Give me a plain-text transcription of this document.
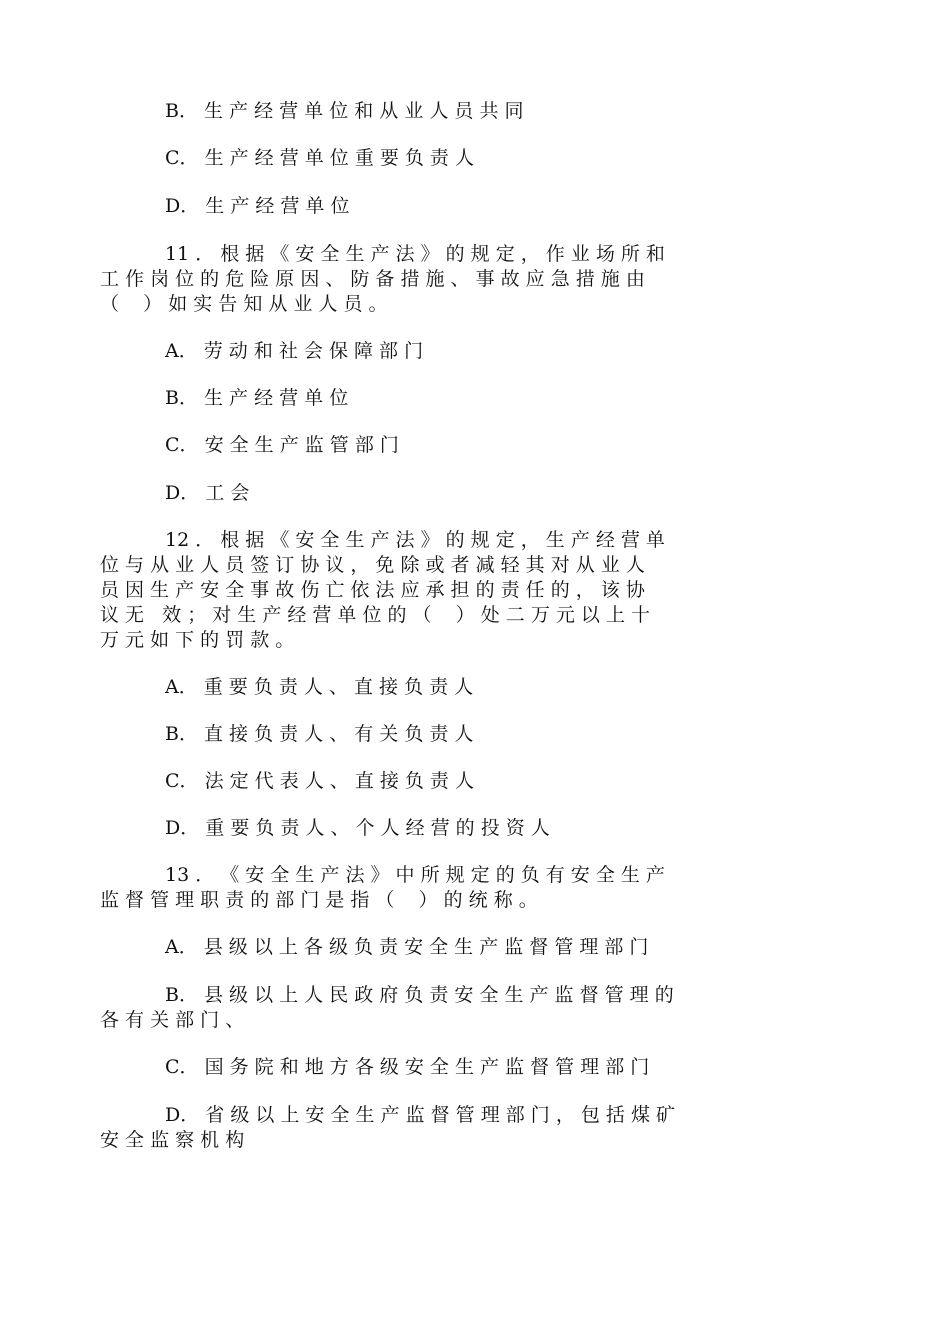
B． 生 产 经 营 单 位 和 从 业 人 员 共 同
C． 生 产 经 营 单 位 重 要 负 责 人
D． 生 产 经 营 单 位
11 ． 根 据 《 安 全 生 产 法 》 的 规 定 ， 作 业 场 所 和
工 作 岗 位 的 危 险 原 因 、 防 备 措 施 、 事 故 应 急 措 施 由
（    ） 如 实 告 知 从 业 人 员 。
A． 劳 动 和 社 会 保 障 部 门
B． 生 产 经 营 单 位
C． 安 全 生 产 监 管 部 门
D． 工 会
12 ． 根 据 《 安 全 生 产 法 》 的 规 定 ， 生 产 经 营 单
位 与 从 业 人 员 签 订 协 议 ， 免 除 或 者 减 轻 其 对 从 业 人
员 因 生 产 安 全 事 故 伤 亡 依 法 应 承 担 的 责 任 的 ， 该 协
议 无   效 ； 对 生 产 经 营 单 位 的 （    ） 处 二 万 元 以 上 十
万 元 如 下 的 罚 款 。
A． 重 要 负 责 人 、 直 接 负 责 人
B． 直 接 负 责 人 、 有 关 负 责 人
C． 法 定 代 表 人 、 直 接 负 责 人
D． 重 要 负 责 人 、 个 人 经 营 的 投 资 人
13 ． 《 安 全 生 产 法 》 中 所 规 定 的 负 有 安 全 生 产
监 督 管 理 职 责 的 部 门 是 指 （    ） 的 统 称 。
A． 县 级 以 上 各 级 负 责 安 全 生 产 监 督 管 理 部 门
B． 县 级 以 上 人 民 政 府 负 责 安 全 生 产 监 督 管 理 的
各 有 关 部 门 、
C． 国 务 院 和 地 方 各 级 安 全 生 产 监 督 管 理 部 门
D． 省 级 以 上 安 全 生 产 监 督 管 理 部 门 ， 包 括 煤 矿
安 全 监 察 机 构
